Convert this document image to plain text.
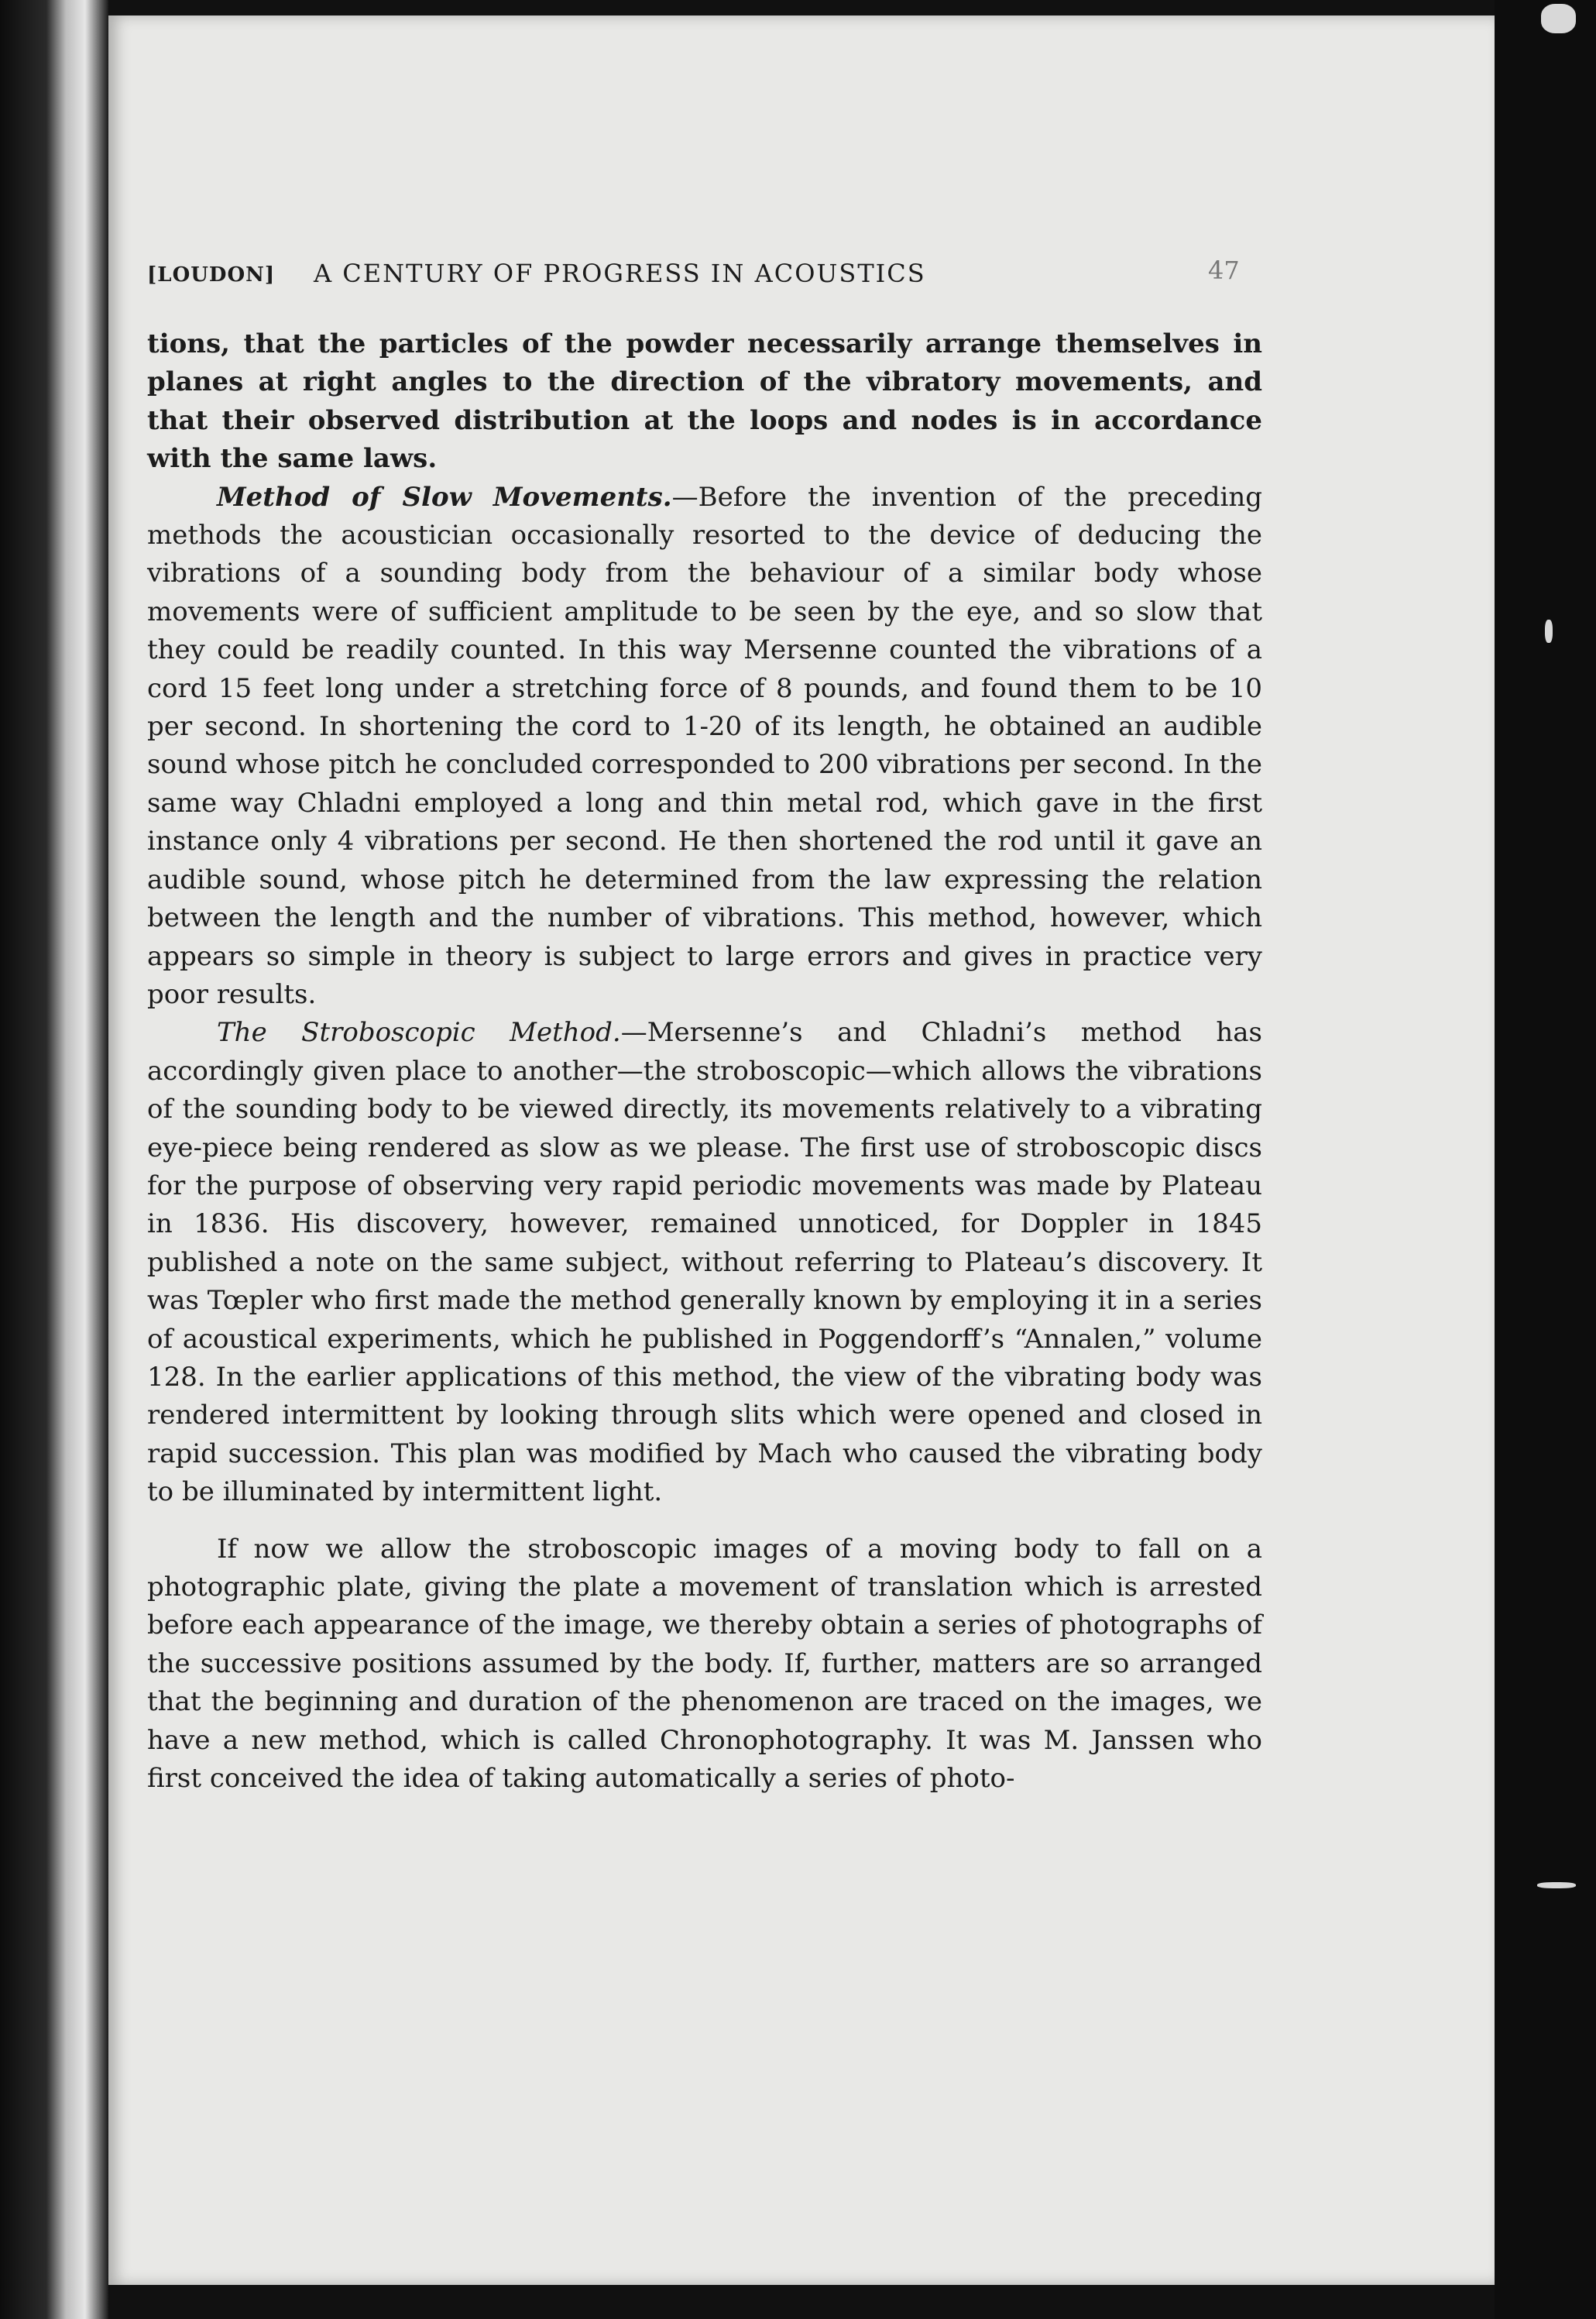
[LOUDON] A CENTURY OF PROGRESS IN ACOUSTICS	47

tions, that the particles of the powder necessarily arrange themselves in planes at right angles to the direction of the vibratory movements, and that their observed distribution at the loops and nodes is in accordance with the same laws.

Method of Slow Movements.—Before the invention of the preceding methods the acoustician occasionally resorted to the device of deducing the vibrations of a sounding body from the behaviour of a similar body whose movements were of sufficient amplitude to be seen by the eye, and so slow that they could be readily counted. In this way Mersenne counted the vibrations of a cord 15 feet long under a stretching force of 8 pounds, and found them to be 10 per second. In shortening the cord to 1-20 of its length, he obtained an audible sound whose pitch he concluded corresponded to 200 vibrations per second. In the same way Chladni employed a long and thin metal rod, which gave in the first instance only 4 vibrations per second. He then shortened the rod until it gave an audible sound, whose pitch he determined from the law expressing the relation between the length and the number of vibrations. This method, however, which appears so simple in theory is subject to large errors and gives in practice very poor results.

The Stroboscopic Method.—Mersenne’s and Chladni’s method has accordingly given place to another—the stroboscopic—which allows the vibrations of the sounding body to be viewed directly, its movements relatively to a vibrating eye-piece being rendered as slow as we please. The first use of stroboscopic discs for the purpose of observing very rapid periodic movements was made by Plateau in 1836. His discovery, however, remained unnoticed, for Doppler in 1845 published a note on the same subject, without referring to Plateau’s discovery. It was Tœpler who first made the method generally known by employing it in a series of acoustical experiments, which he published in Poggendorff’s “Annalen,” volume 128. In the earlier applications of this method, the view of the vibrating body was rendered intermittent by looking through slits which were opened and closed in rapid succession. This plan was modified by Mach who caused the vibrating body to be illuminated by intermittent light.

If now we allow the stroboscopic images of a moving body to fall on a photographic plate, giving the plate a movement of translation which is arrested before each appearance of the image, we thereby obtain a series of photographs of the successive positions assumed by the body. If, further, matters are so arranged that the beginning and duration of the phenomenon are traced on the images, we have a new method, which is called Chronophotography. It was M. Janssen who first conceived the idea of taking automatically a series of photo-
